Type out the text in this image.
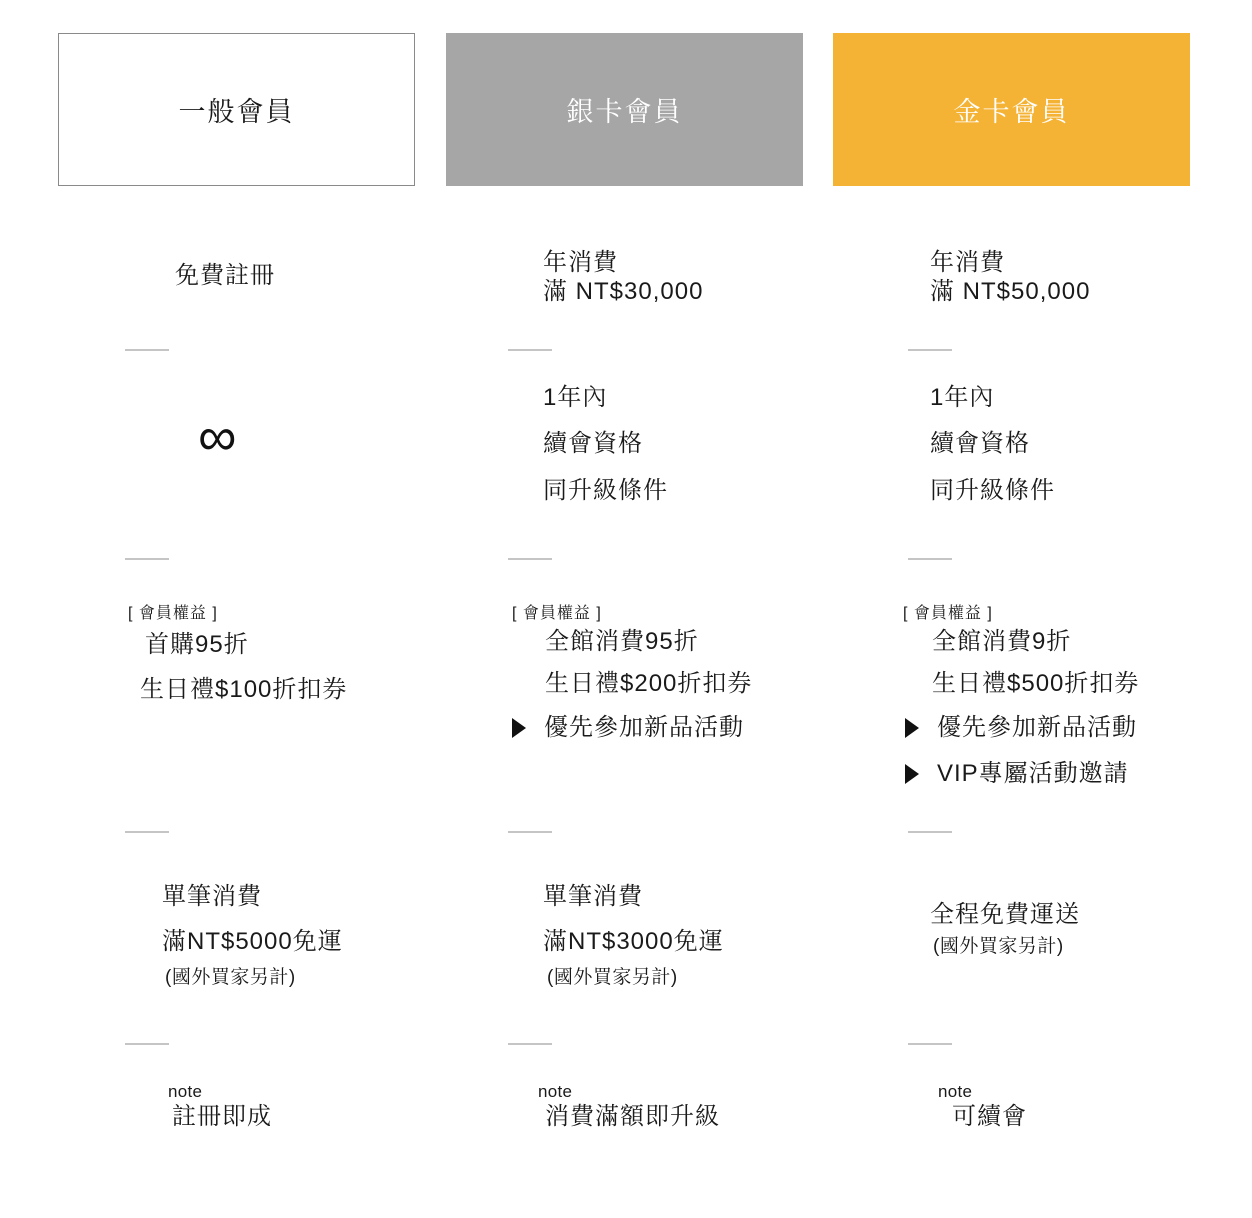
一般會員
免費註冊
∞
[ 會員權益 ]
首購95折
生日禮$100折扣券
單筆消費
滿NT$5000免運
(國外買家另計)
note
註冊即成
銀卡會員
年消費
滿 NT$30,000
1年內
續會資格
同升級條件
[ 會員權益 ]
全館消費95折
生日禮$200折扣券
優先參加新品活動
單筆消費
滿NT$3000免運
(國外買家另計)
note
消費滿額即升級
金卡會員
年消費
滿 NT$50,000
1年內
續會資格
同升級條件
[ 會員權益 ]
全館消費9折
生日禮$500折扣券
優先參加新品活動
VIP專屬活動邀請
全程免費運送
(國外買家另計)
note
可續會
